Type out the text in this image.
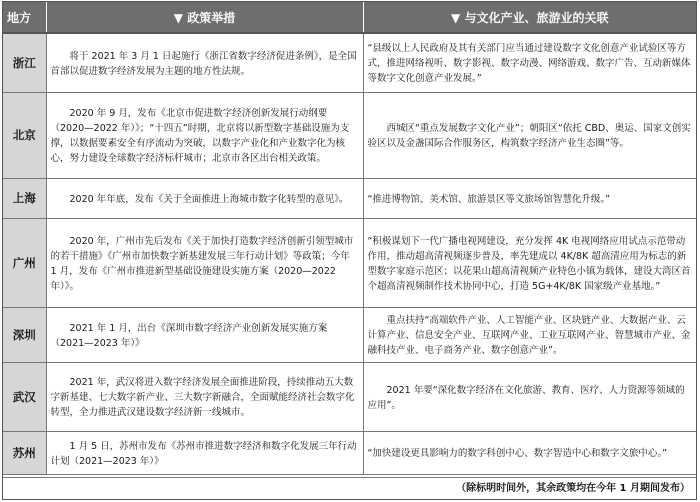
地方	▼ 政策举措	▼ 与文化产业、旅游业的关联
浙江	将于 2021 年 3 月 1 日起施行《浙江省数字经济促进条例》，是全国首部以促进数字经济发展为主题的地方性法规。	“县级以上人民政府及其有关部门应当通过建设数字文化创意产业试验区等方式，推进网络视听、数字影视、数字动漫、网络游戏、数字广告、互动新媒体等数字文化创意产业发展。”
北京	2020 年 9 月，发布《北京市促进数字经济创新发展行动纲要（2020—2022 年）》；“十四五”时期，北京将以新型数字基础设施为支撑，以数据要素安全有序流动为突破，以数字产业化和产业数字化为核心，努力建设全球数字经济标杆城市；北京市各区出台相关政策。	西城区“重点发展数字文化产业”；朝阳区“依托 CBD、奥运、国家文创实验区以及金盏国际合作服务区，构筑数字经济产业生态圈”等。
上海	2020 年年底，发布《关于全面推进上海城市数字化转型的意见》。	“推进博物馆、美术馆、旅游景区等文旅场馆智慧化升级。”
广州	2020 年，广州市先后发布《关于加快打造数字经济创新引领型城市的若干措施》《广州市加快数字新基建发展三年行动计划》等政策；今年 1 月，发布《广州市推进新型基础设施建设实施方案（2020—2022 年）》。	“积极谋划下一代广播电视网建设，充分发挥 4K 电视网络应用试点示范带动作用，推动超高清视频逐步普及，率先建成以 4K/8K 超高清应用为标志的新型数字家庭示范区；以花果山超高清视频产业特色小镇为载体，建设大湾区首个超高清视频制作技术协同中心，打造 5G+4K/8K 国家级产业基地。”
深圳	2021 年 1 月，出台《深圳市数字经济产业创新发展实施方案（2021—2023 年）》	重点扶持“高端软件产业、人工智能产业、区块链产业、大数据产业、云计算产业、信息安全产业、互联网产业、工业互联网产业、智慧城市产业、金融科技产业、电子商务产业、数字创意产业”。
武汉	2021 年，武汉将进入数字经济发展全面推进阶段，持续推动五大数字新基建、七大数字新产业、三大数字新融合，全面赋能经济社会数字化转型，全力推进武汉建设数字经济新一线城市。	2021 年要“深化数字经济在文化旅游、教育、医疗、人力资源等领域的应用”。
苏州	1 月 5 日，苏州市发布《苏州市推进数字经济和数字化发展三年行动计划（2021—2023 年）》	“加快建设更具影响力的数字科创中心、数字智造中心和数字文旅中心。”
（除标明时间外，其余政策均在今年 1 月期间发布）
